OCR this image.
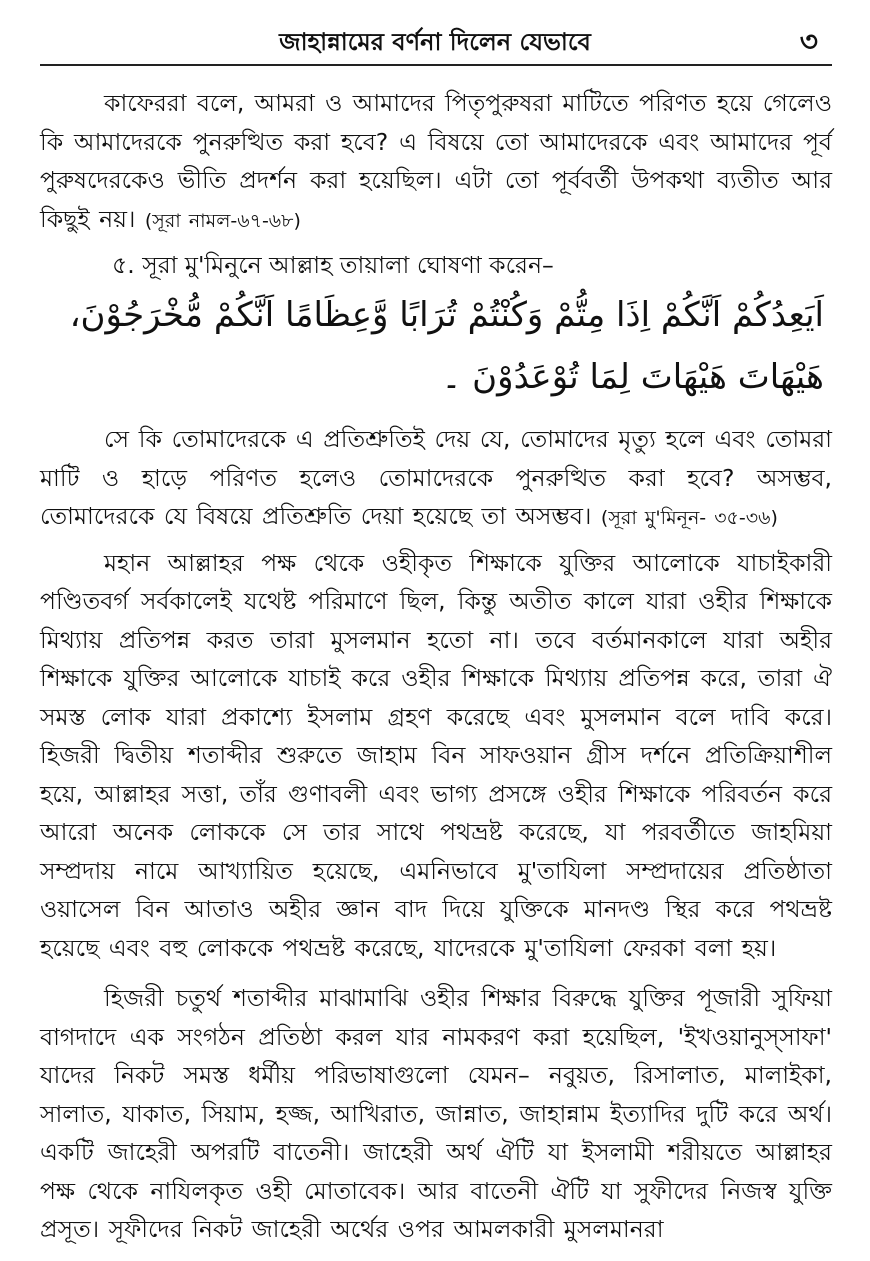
জাহান্নামের বর্ণনা দিলেন যেভাবে	৩

কাফেররা বলে, আমরা ও আমাদের পিতৃপুরুষরা মাটিতে পরিণত হয়ে গেলেও কি আমাদেরকে পুনরুত্থিত করা হবে? এ বিষয়ে তো আমাদেরকে এবং আমাদের পূর্ব পুরুষদেরকেও ভীতি প্রদর্শন করা হয়েছিল। এটা তো পূর্ববর্তী উপকথা ব্যতীত আর কিছুই নয়। (সূরা নামল-৬৭-৬৮)

৫. সূরা মু'মিনুনে আল্লাহ তায়ালা ঘোষণা করেন–

اَيَعِدُكُمْ اَنَّكُمْ اِذَا مِتُّمْ وَكُنْتُمْ تُرَابًا وَّعِظَامًا اَنَّكُمْ مُّخْرَجُوْنَ،

هَيْهَاتَ هَيْهَاتَ لِمَا تُوْعَدُوْنَ ۔

সে কি তোমাদেরকে এ প্রতিশ্রুতিই দেয় যে, তোমাদের মৃত্যু হলে এবং তোমরা মাটি ও হাড়ে পরিণত হলেও তোমাদেরকে পুনরুত্থিত করা হবে? অসম্ভব, তোমাদেরকে যে বিষয়ে প্রতিশ্রুতি দেয়া হয়েছে তা অসম্ভব। (সূরা মু'মিনূন- ৩৫-৩৬)

মহান আল্লাহর পক্ষ থেকে ওহীকৃত শিক্ষাকে যুক্তির আলোকে যাচাইকারী পণ্ডিতবর্গ সর্বকালেই যথেষ্ট পরিমাণে ছিল, কিন্তু অতীত কালে যারা ওহীর শিক্ষাকে মিথ্যায় প্রতিপন্ন করত তারা মুসলমান হতো না। তবে বর্তমানকালে যারা অহীর শিক্ষাকে যুক্তির আলোকে যাচাই করে ওহীর শিক্ষাকে মিথ্যায় প্রতিপন্ন করে, তারা ঐ সমস্ত লোক যারা প্রকাশ্যে ইসলাম গ্রহণ করেছে এবং মুসলমান বলে দাবি করে। হিজরী দ্বিতীয় শতাব্দীর শুরুতে জাহাম বিন সাফওয়ান গ্রীস দর্শনে প্রতিক্রিয়াশীল হয়ে, আল্লাহর সত্তা, তাঁর গুণাবলী এবং ভাগ্য প্রসঙ্গে ওহীর শিক্ষাকে পরিবর্তন করে আরো অনেক লোককে সে তার সাথে পথভ্রষ্ট করেছে, যা পরবর্তীতে জাহমিয়া সম্প্রদায় নামে আখ্যায়িত হয়েছে, এমনিভাবে মু'তাযিলা সম্প্রদায়ের প্রতিষ্ঠাতা ওয়াসেল বিন আতাও অহীর জ্ঞান বাদ দিয়ে যুক্তিকে মানদণ্ড স্থির করে পথভ্রষ্ট হয়েছে এবং বহু লোককে পথভ্রষ্ট করেছে, যাদেরকে মু'তাযিলা ফেরকা বলা হয়।

হিজরী চতুর্থ শতাব্দীর মাঝামাঝি ওহীর শিক্ষার বিরুদ্ধে যুক্তির পূজারী সুফিয়া বাগদাদে এক সংগঠন প্রতিষ্ঠা করল যার নামকরণ করা হয়েছিল, 'ইখওয়ানুস্সাফা' যাদের নিকট সমস্ত ধর্মীয় পরিভাষাগুলো যেমন– নবুয়ত, রিসালাত, মালাইকা, সালাত, যাকাত, সিয়াম, হজ্জ, আখিরাত, জান্নাত, জাহান্নাম ইত্যাদির দুটি করে অর্থ। একটি জাহেরী অপরটি বাতেনী। জাহেরী অর্থ ঐটি যা ইসলামী শরীয়তে আল্লাহর পক্ষ থেকে নাযিলকৃত ওহী মোতাবেক। আর বাতেনী ঐটি যা সুফীদের নিজস্ব যুক্তি প্রসূত। সূফীদের নিকট জাহেরী অর্থের ওপর আমলকারী মুসলমানরা
